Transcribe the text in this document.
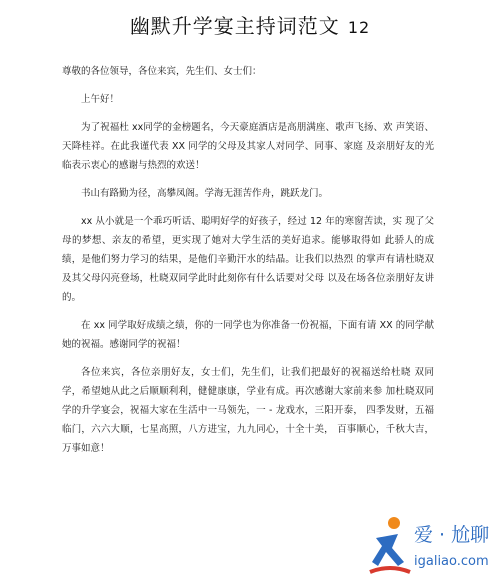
幽默升学宴主持词范文 12

尊敬的各位领导，各位来宾，先生们、女士们：

上午好！

为了祝福杜 xx同学的金榜题名，今天豪庭酒店是高朋满座、歌声飞扬、欢 声笑语、天降桂祥。在此我谨代表 XX 同学的父母及其家人对同学、同事、家庭 及亲朋好友的光临表示衷心的感谢与热烈的欢送！

书山有路勤为径，高攀凤阁。学海无涯苦作舟，跳跃龙门。

xx 从小就是一个乖巧听话、聪明好学的好孩子，经过 12 年的寒窗苦读，实 现了父母的梦想、亲友的希望，更实现了她对大学生活的美好追求。能够取得如 此骄人的成绩，是他们努力学习的结果，是他们辛勤汗水的结晶。让我们以热烈 的掌声有请杜晓双及其父母闪亮登场，杜晓双同学此时此刻你有什么话要对父母 以及在场各位亲朋好友讲的。

在 xx 同学取好成绩之绩，你的一同学也为你准备一份祝福，下面有请 XX 的同学献她的祝福。感谢同学的祝福！

各位来宾，各位亲朋好友，女士们，先生们，让我们把最好的祝福送给杜晓 双同学，希望她从此之后顺顺利利，健健康康，学业有成。再次感谢大家前来参 加杜晓双同学的升学宴会，祝福大家在生活中一马领先，一 - 龙戏水，三阳开泰， 四季发财，五福临门，六六大顺，七星高照，八方进宝，九九同心，十全十美， 百事顺心，千秋大吉，万事如意！

爱 · 尬聊
igaliao.com
